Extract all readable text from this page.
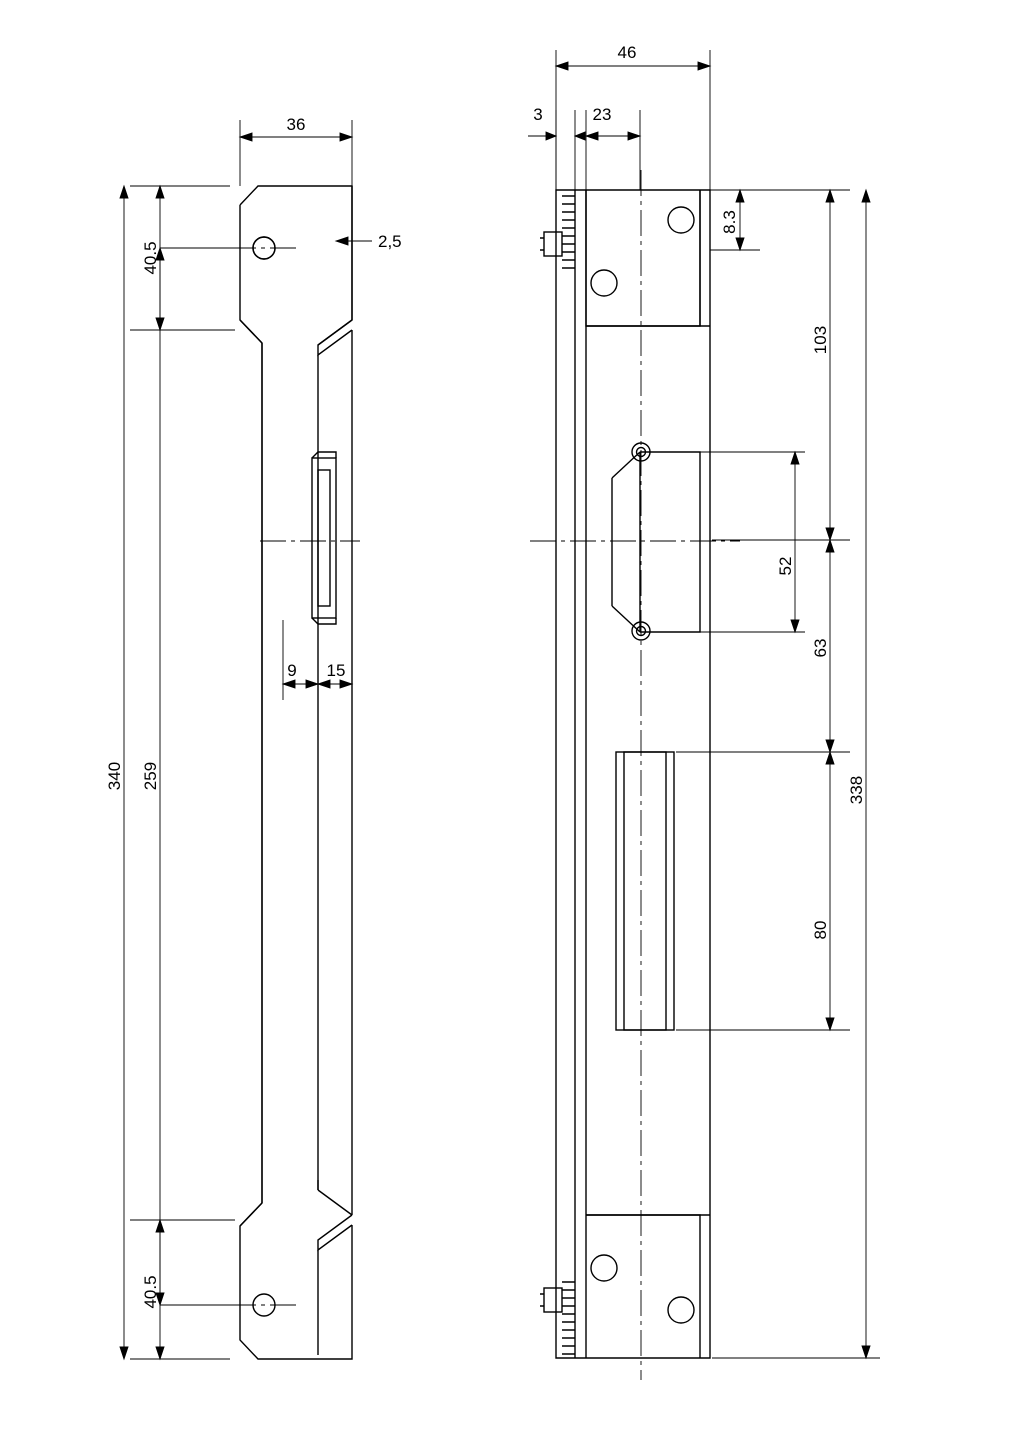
36
2,5
40.5
40.5
340 259
9 15
46
3	23
8.3
103
52
63
338
80
